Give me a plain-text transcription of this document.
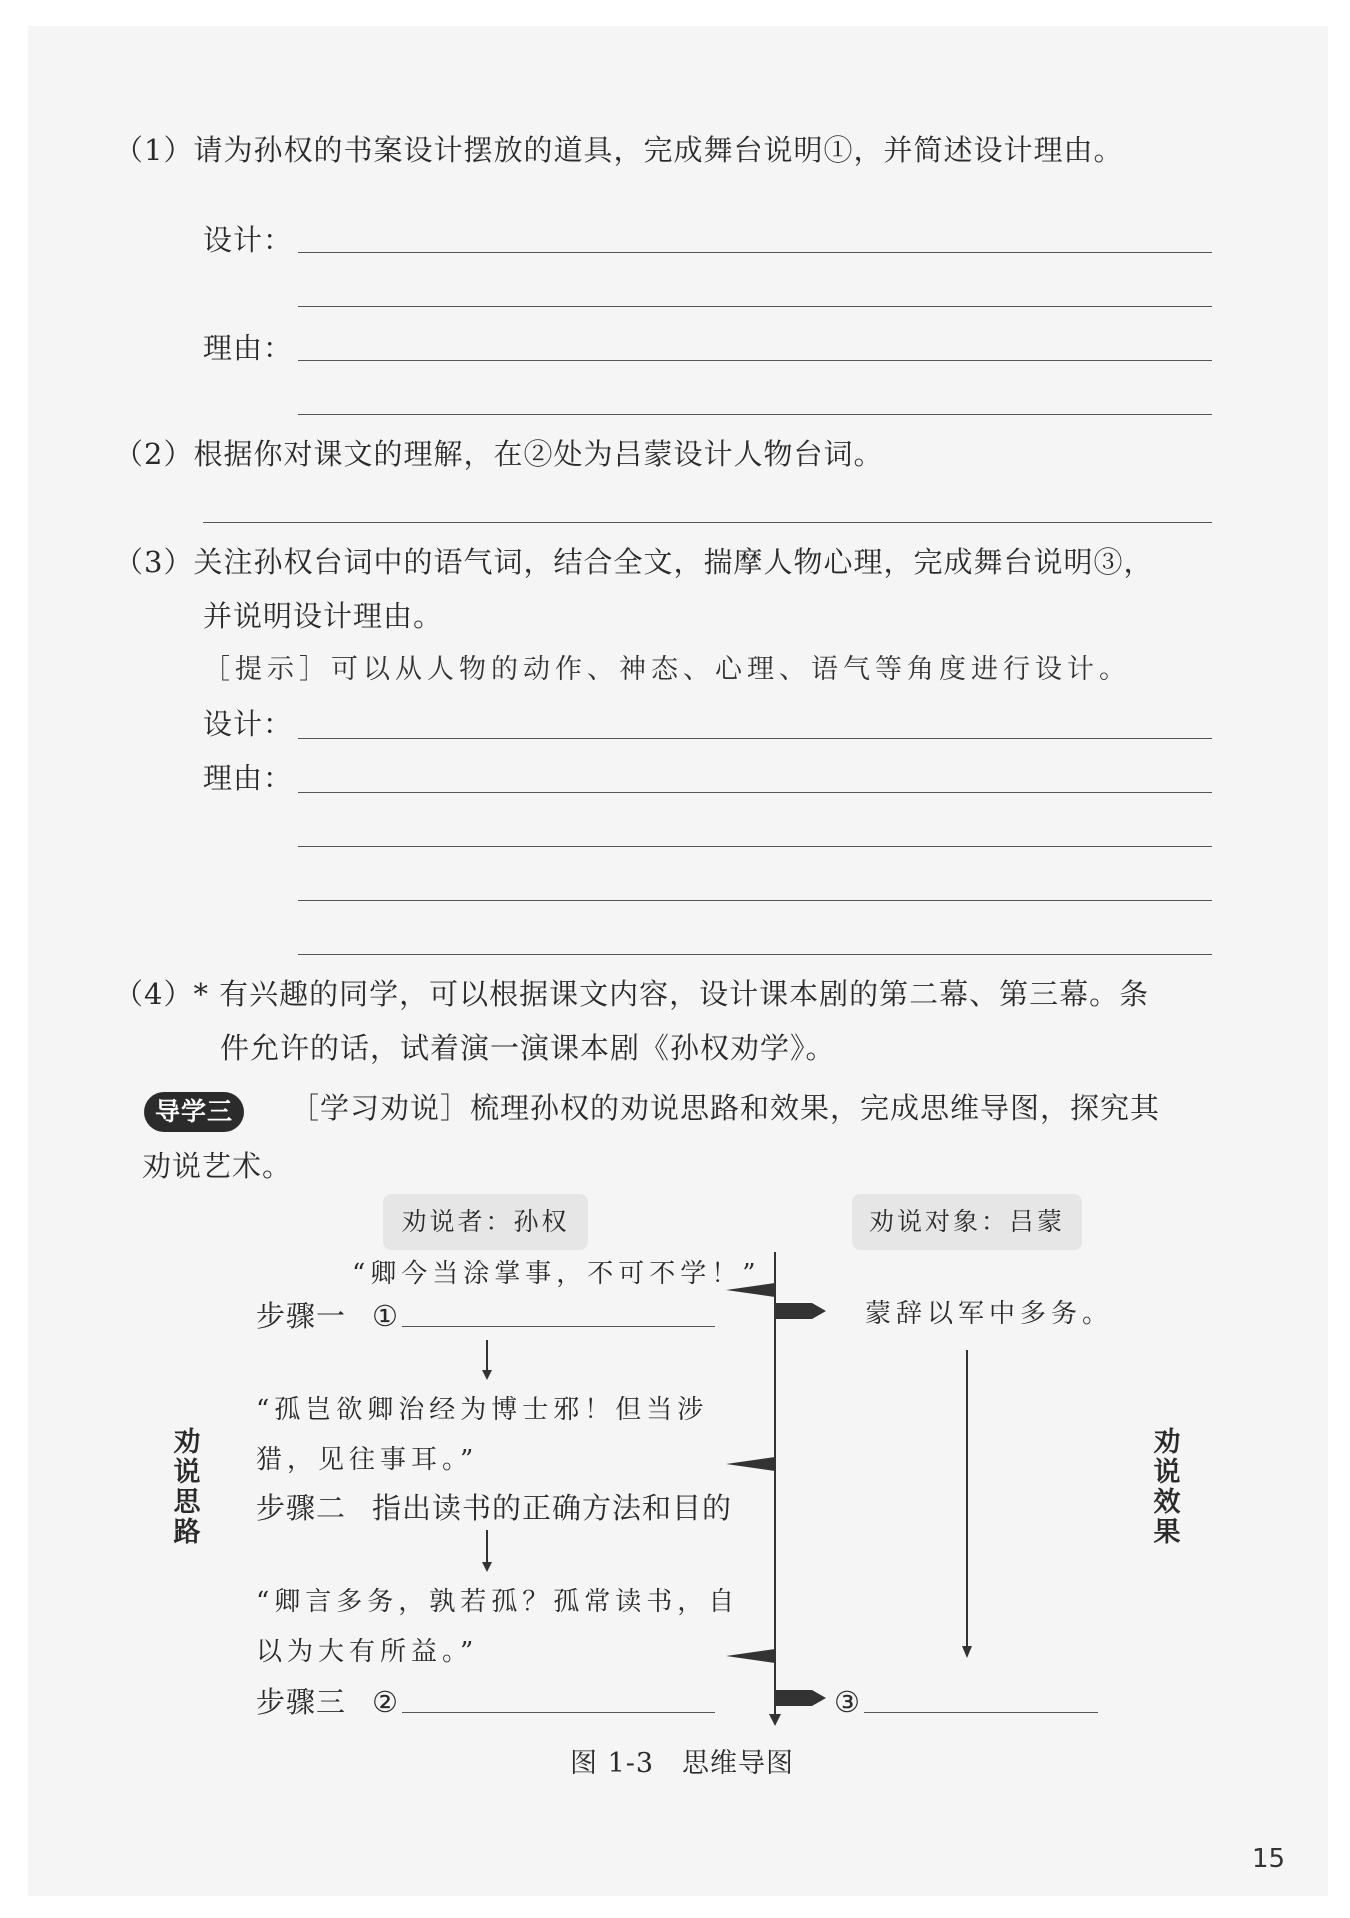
（1）请为孙权的书案设计摆放的道具，完成舞台说明①，并简述设计理由。
设计：
理由：
（2）根据你对课文的理解，在②处为吕蒙设计人物台词。
（3）关注孙权台词中的语气词，结合全文，揣摩人物心理，完成舞台说明③，
并说明设计理由。
［提示］可以从人物的动作、神态、心理、语气等角度进行设计。
设计：
理由：
（4）* 有兴趣的同学，可以根据课文内容，设计课本剧的第二幕、第三幕。条
件允许的话，试着演一演课本剧《孙权劝学》。
导学三	［学习劝说］梳理孙权的劝说思路和效果，完成思维导图，探究其
劝说艺术。
劝说者：孙权	劝说对象：吕蒙
劝说思路
劝说效果
“卿今当涂掌事，不可不学！”
步骤一 ①	蒙辞以军中多务。
“孤岂欲卿治经为博士邪！但当涉
猎，见往事耳。”
步骤二 指出读书的正确方法和目的
“卿言多务，孰若孤？孤常读书，自
以为大有所益。”
步骤三 ②	③
图 1-3　思维导图
15
